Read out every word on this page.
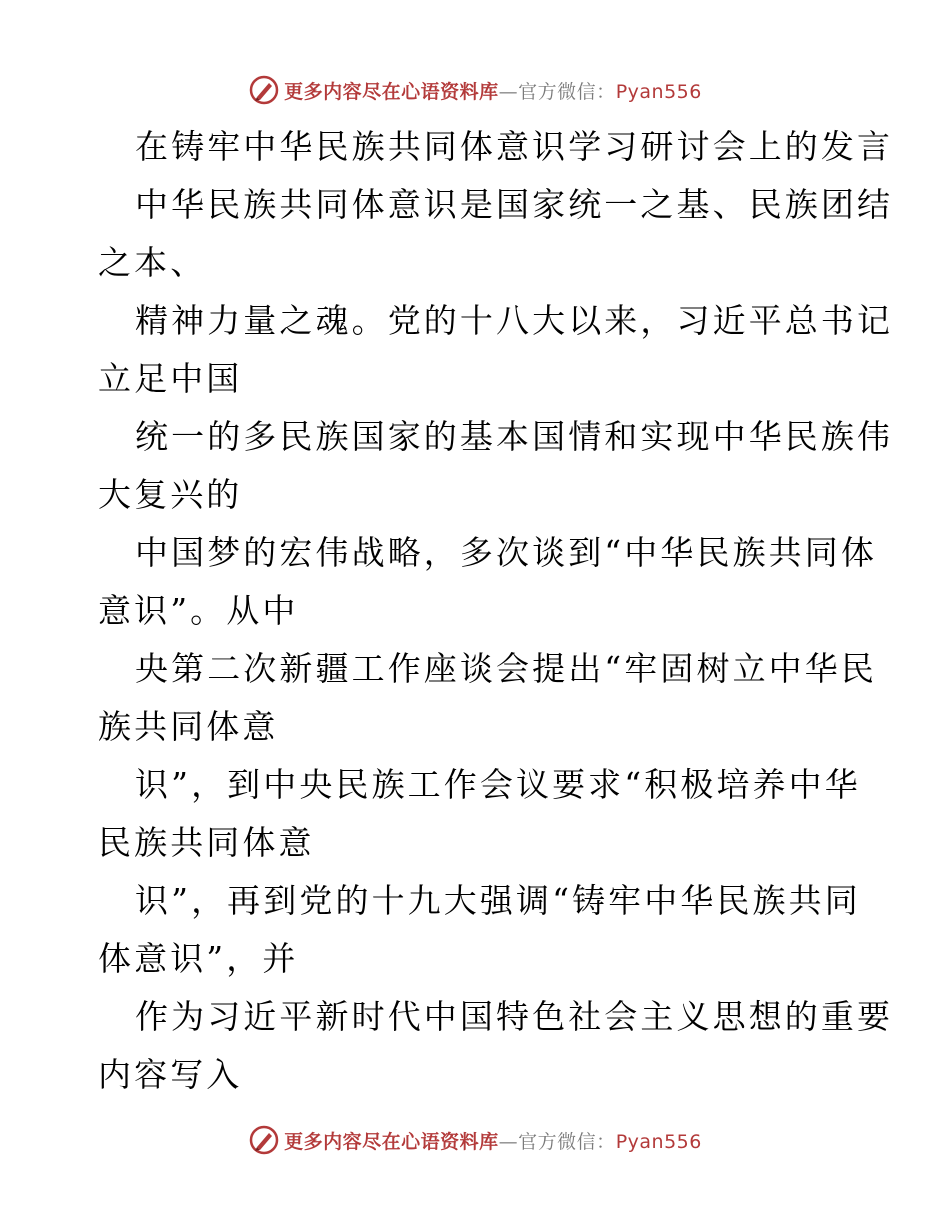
更多内容尽在心语资料库—官方微信：Pyan556
在铸牢中华民族共同体意识学习研讨会上的发言
中华民族共同体意识是国家统一之基、民族团结
之本、
精神力量之魂。党的十八大以来，习近平总书记
立足中国
统一的多民族国家的基本国情和实现中华民族伟
大复兴的
中国梦的宏伟战略，多次谈到“中华民族共同体
意识”。从中
央第二次新疆工作座谈会提出“牢固树立中华民
族共同体意
识”，到中央民族工作会议要求“积极培养中华
民族共同体意
识”，再到党的十九大强调“铸牢中华民族共同
体意识”，并
作为习近平新时代中国特色社会主义思想的重要
内容写入
更多内容尽在心语资料库—官方微信：Pyan556
